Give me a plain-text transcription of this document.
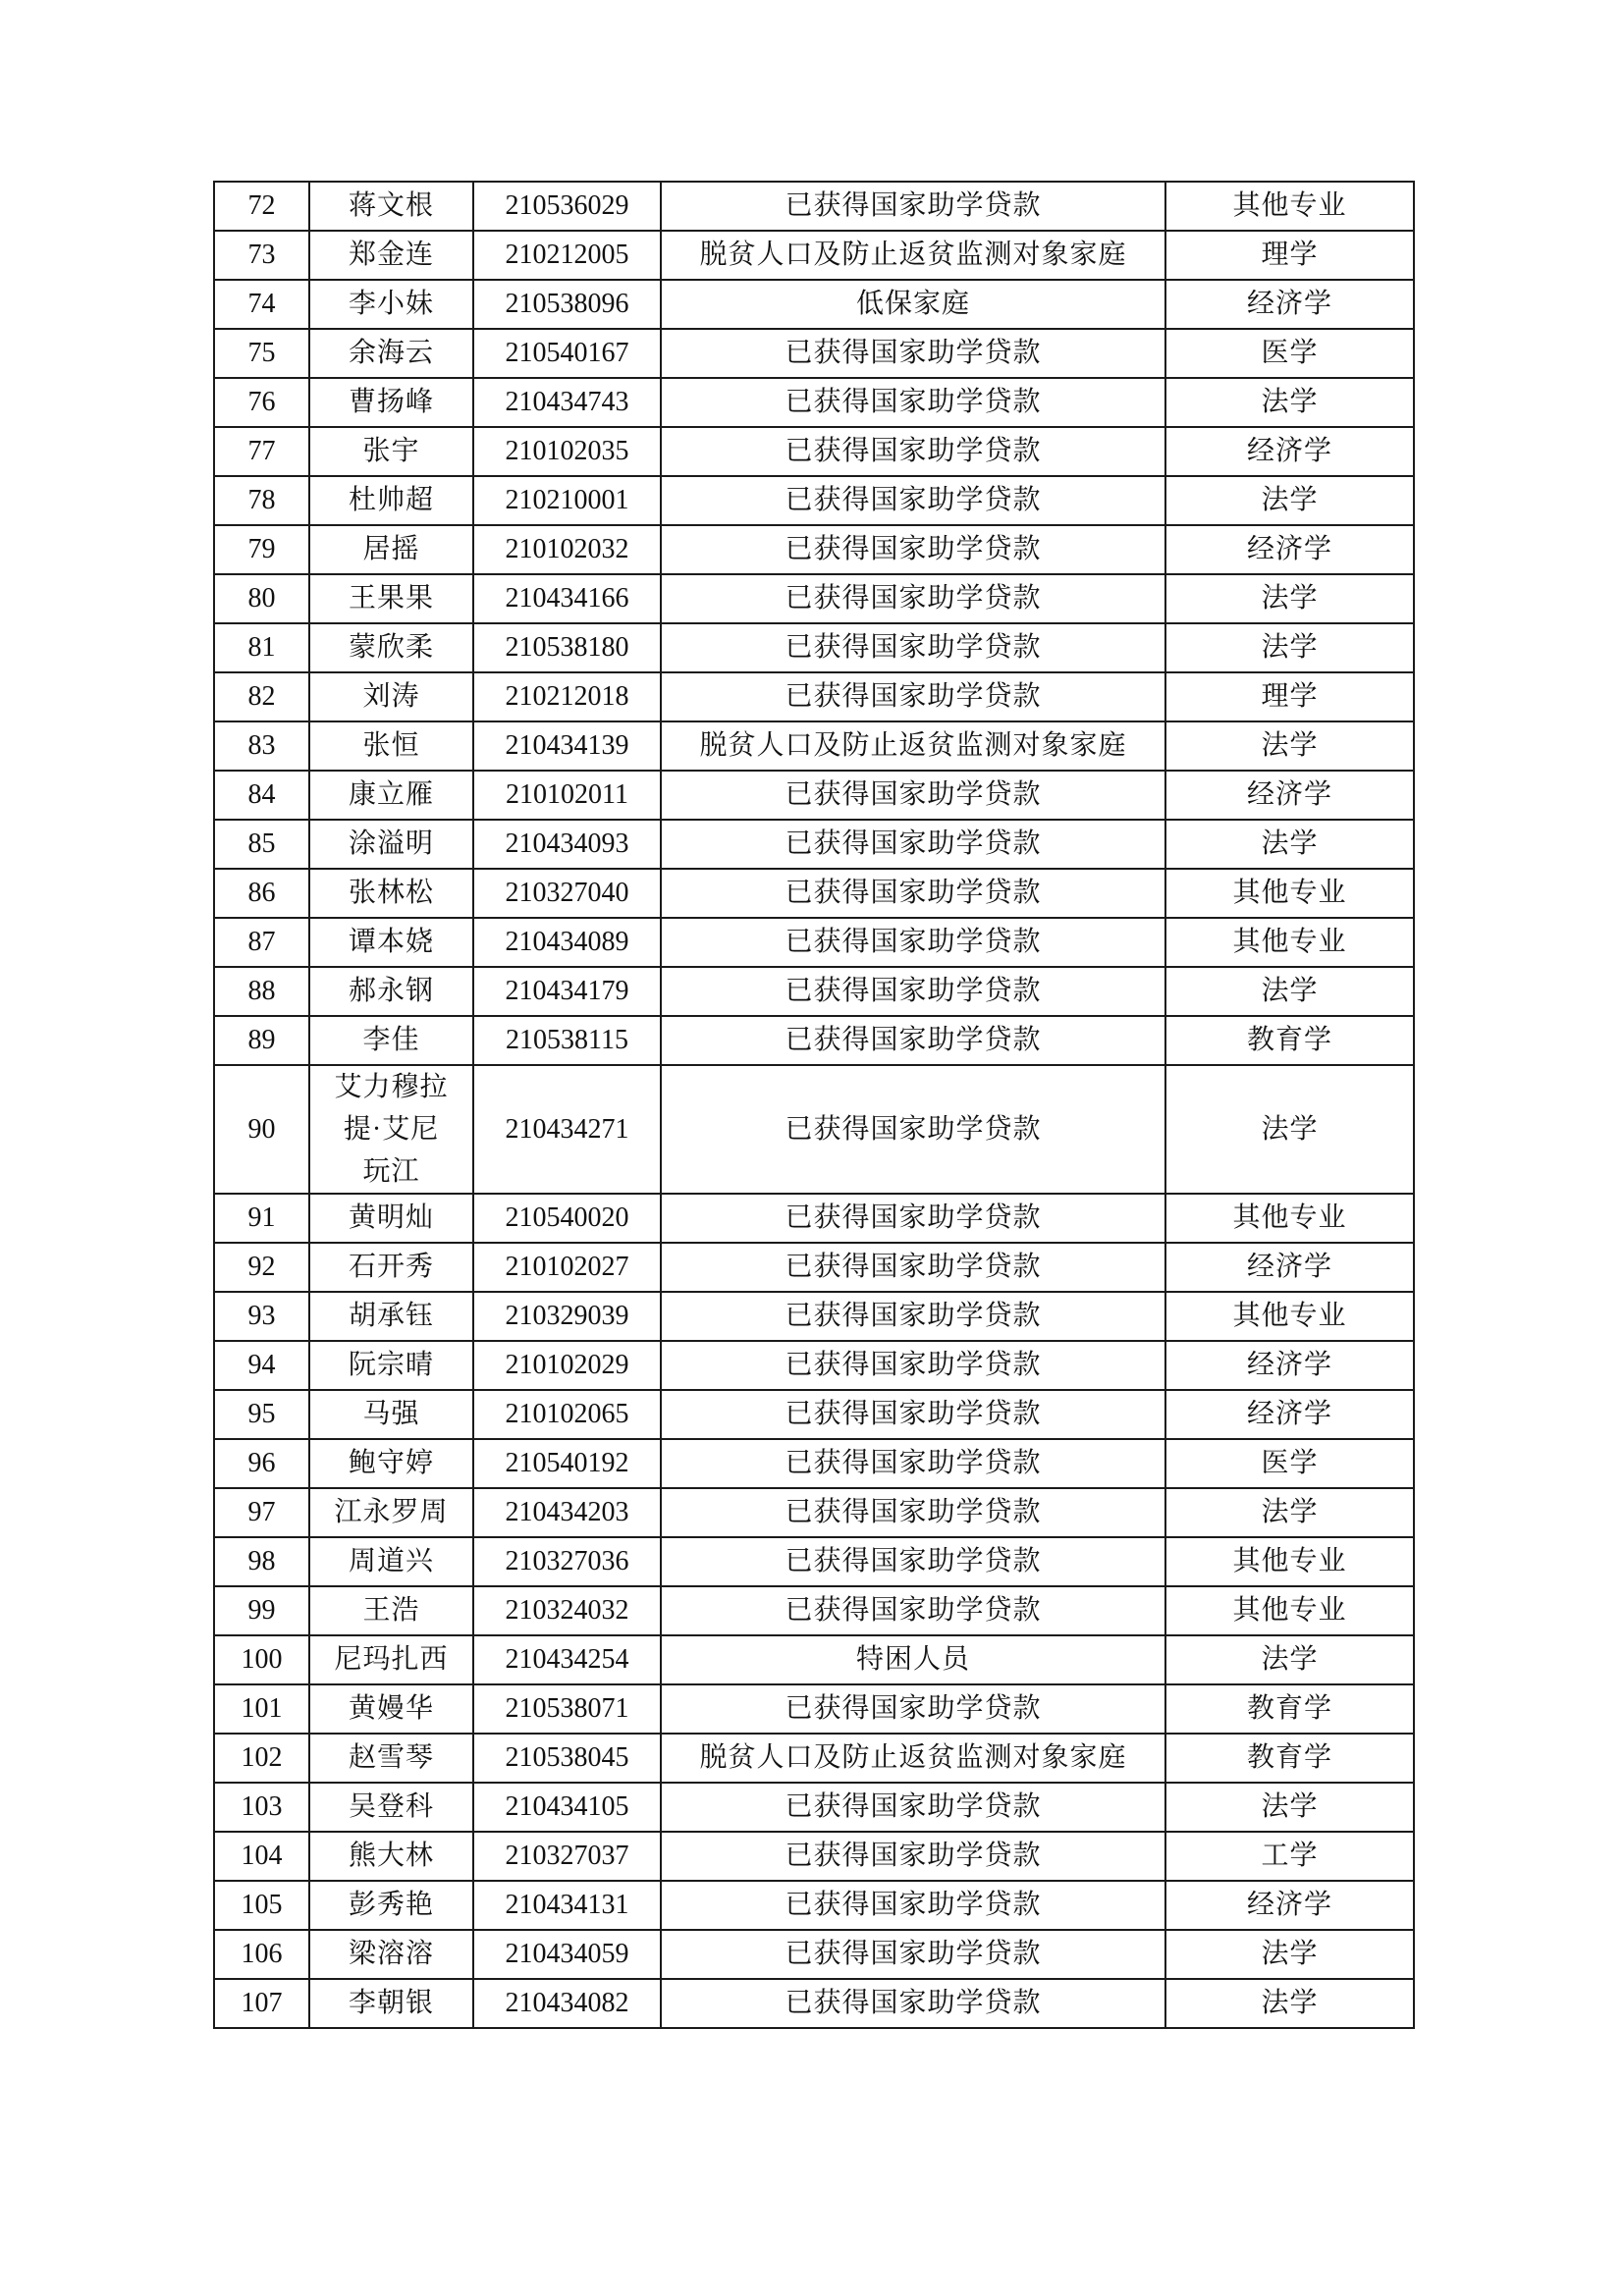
72	蒋文根	210536029	已获得国家助学贷款	其他专业
73	郑金连	210212005	脱贫人口及防止返贫监测对象家庭	理学
74	李小妹	210538096	低保家庭	经济学
75	余海云	210540167	已获得国家助学贷款	医学
76	曹扬峰	210434743	已获得国家助学贷款	法学
77	张宇	210102035	已获得国家助学贷款	经济学
78	杜帅超	210210001	已获得国家助学贷款	法学
79	居摇	210102032	已获得国家助学贷款	经济学
80	王果果	210434166	已获得国家助学贷款	法学
81	蒙欣柔	210538180	已获得国家助学贷款	法学
82	刘涛	210212018	已获得国家助学贷款	理学
83	张恒	210434139	脱贫人口及防止返贫监测对象家庭	法学
84	康立雁	210102011	已获得国家助学贷款	经济学
85	涂溢明	210434093	已获得国家助学贷款	法学
86	张林松	210327040	已获得国家助学贷款	其他专业
87	谭本娆	210434089	已获得国家助学贷款	其他专业
88	郝永钢	210434179	已获得国家助学贷款	法学
89	李佳	210538115	已获得国家助学贷款	教育学
90	艾力穆拉
提·艾尼
玩江	210434271	已获得国家助学贷款	法学
91	黄明灿	210540020	已获得国家助学贷款	其他专业
92	石开秀	210102027	已获得国家助学贷款	经济学
93	胡承钰	210329039	已获得国家助学贷款	其他专业
94	阮宗晴	210102029	已获得国家助学贷款	经济学
95	马强	210102065	已获得国家助学贷款	经济学
96	鲍守婷	210540192	已获得国家助学贷款	医学
97	江永罗周	210434203	已获得国家助学贷款	法学
98	周道兴	210327036	已获得国家助学贷款	其他专业
99	王浩	210324032	已获得国家助学贷款	其他专业
100	尼玛扎西	210434254	特困人员	法学
101	黄嫚华	210538071	已获得国家助学贷款	教育学
102	赵雪琴	210538045	脱贫人口及防止返贫监测对象家庭	教育学
103	吴登科	210434105	已获得国家助学贷款	法学
104	熊大林	210327037	已获得国家助学贷款	工学
105	彭秀艳	210434131	已获得国家助学贷款	经济学
106	梁溶溶	210434059	已获得国家助学贷款	法学
107	李朝银	210434082	已获得国家助学贷款	法学
